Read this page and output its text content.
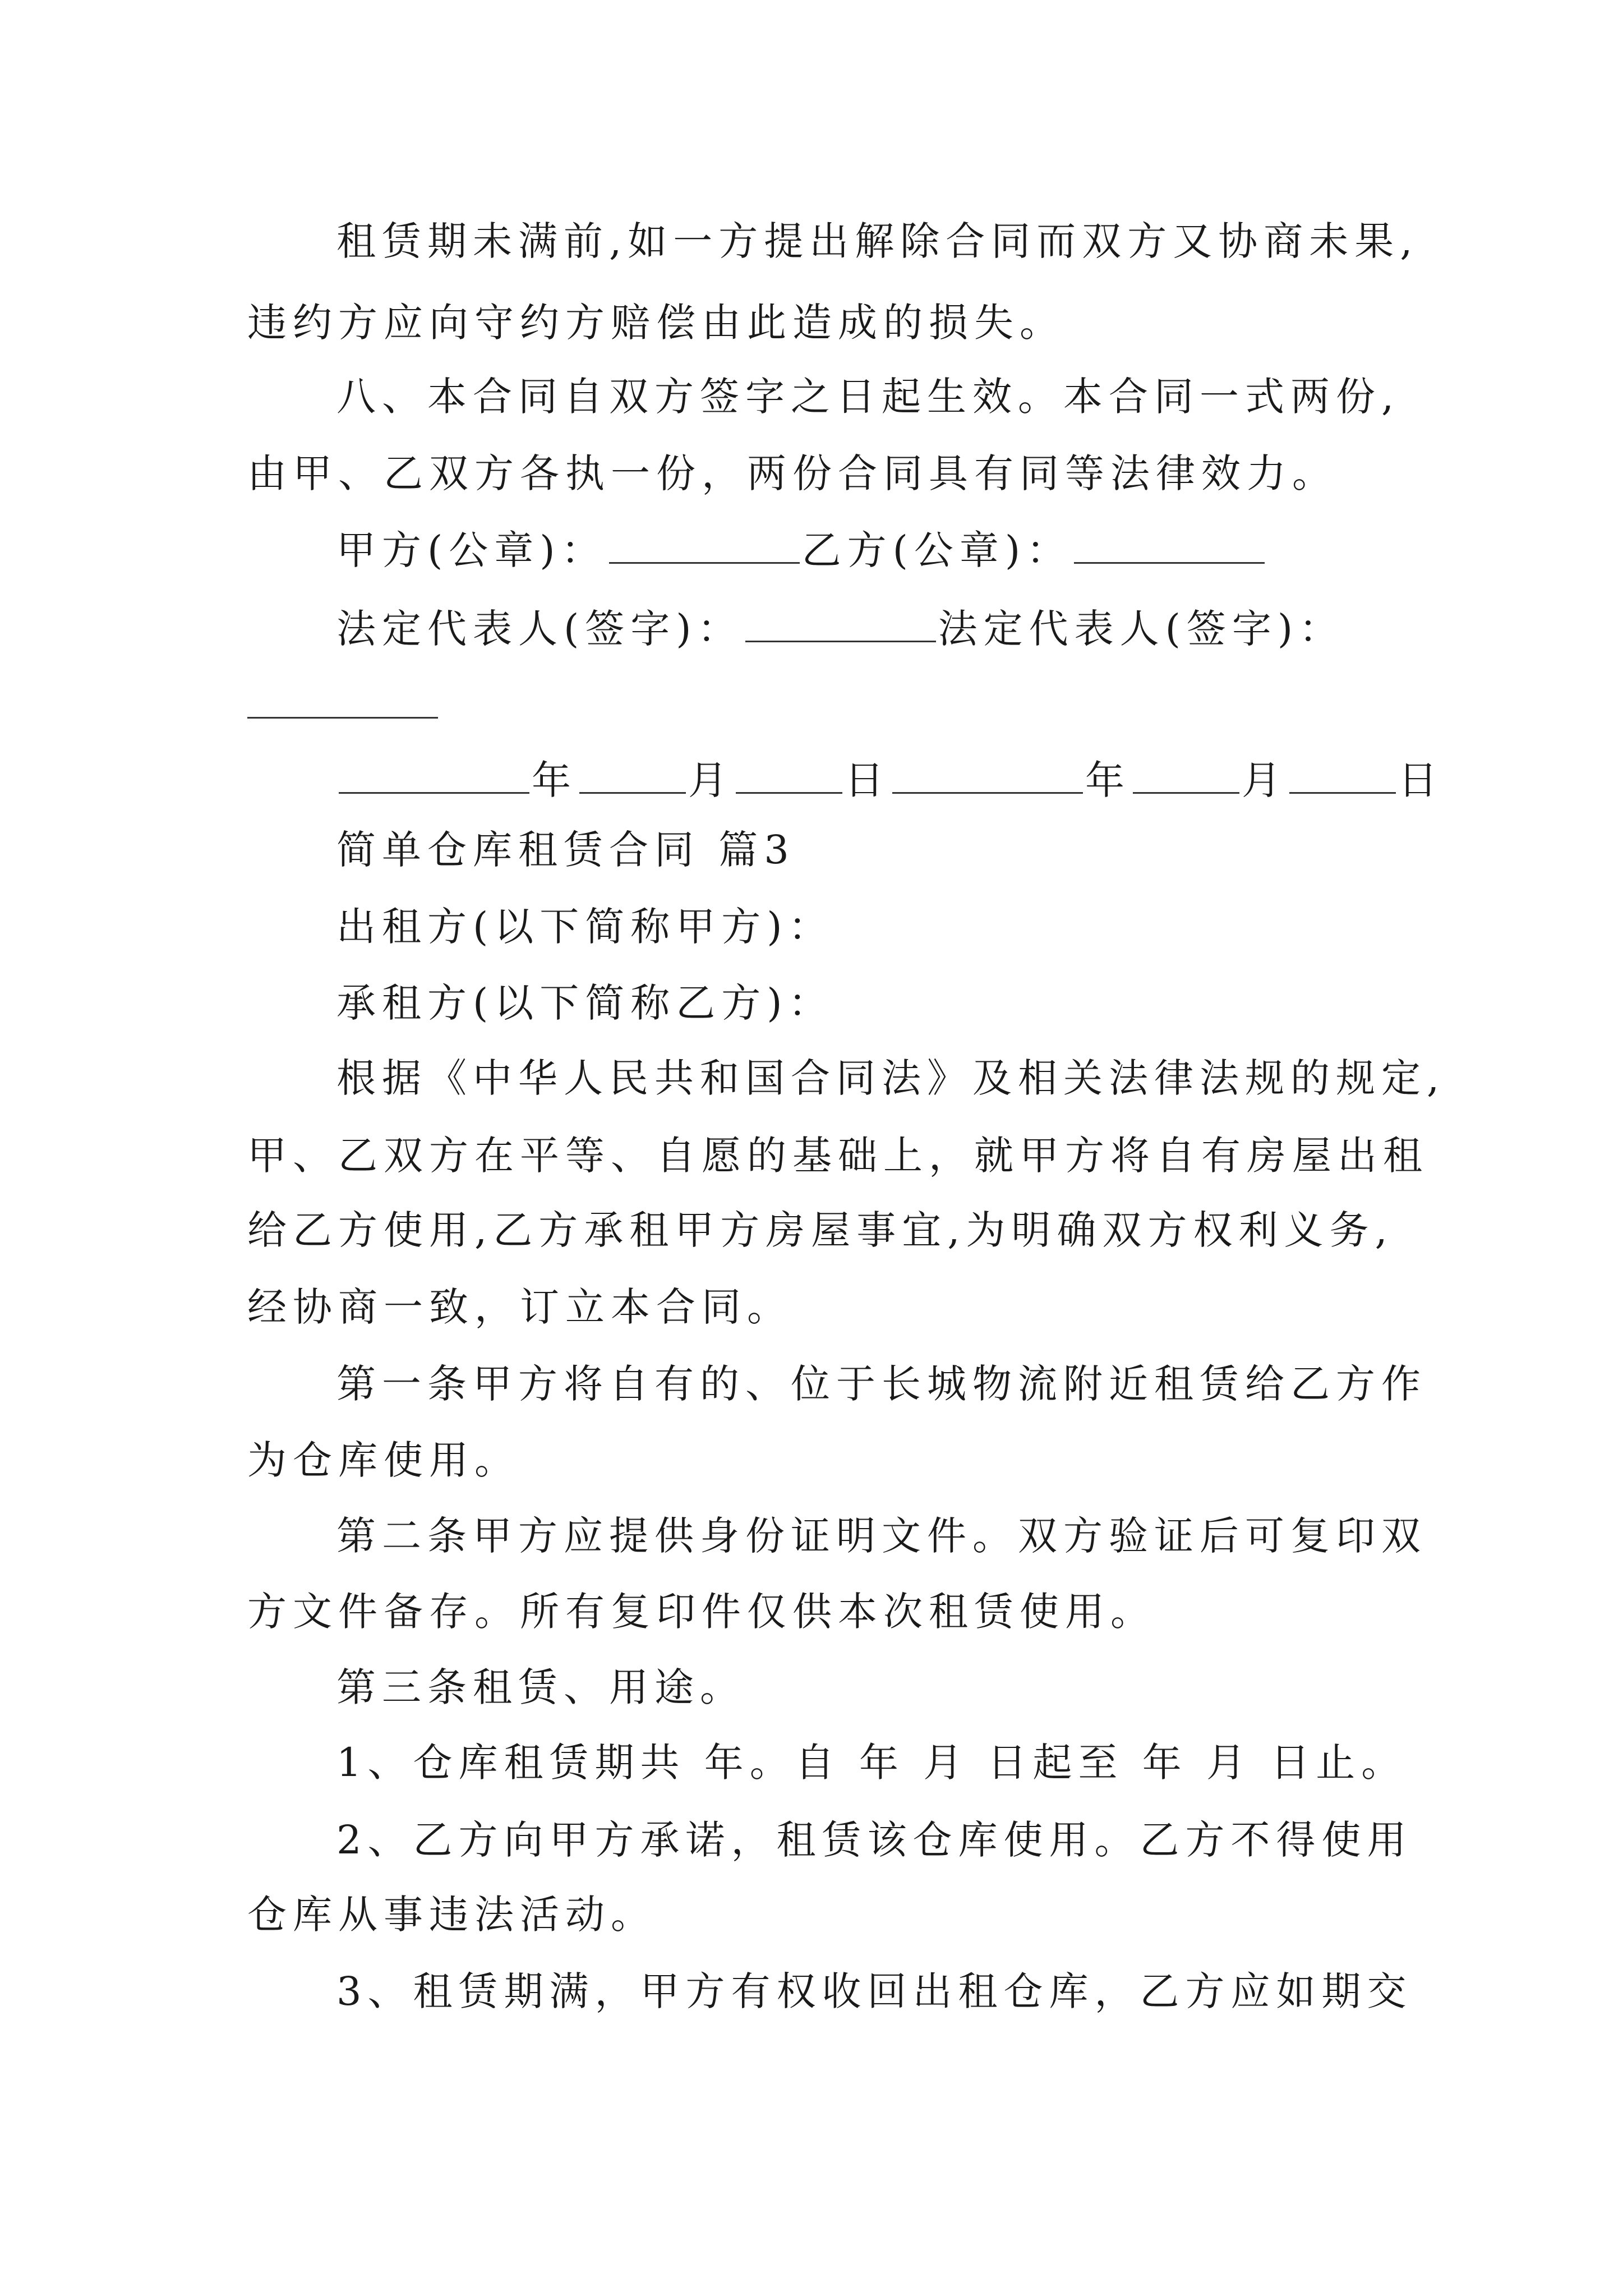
租赁期未满前,如一方提出解除合同而双方又协商未果,
违约方应向守约方赔偿由此造成的损失。
八、本合同自双方签字之日起生效。本合同一式两份,
由甲、乙双方各执一份，两份合同具有同等法律效力。
甲方(公章)：	乙方(公章)：
法定代表人(签字)：	法定代表人(签字)：
年	月	日	年	月	日
简单仓库租赁合同 篇3
出租方(以下简称甲方)：
承租方(以下简称乙方)：
根据《中华人民共和国合同法》及相关法律法规的规定,
甲、乙双方在平等、自愿的基础上，就甲方将自有房屋出租
给乙方使用,乙方承租甲方房屋事宜,为明确双方权利义务,
经协商一致，订立本合同。
第一条甲方将自有的、位于长城物流附近租赁给乙方作
为仓库使用。
第二条甲方应提供身份证明文件。双方验证后可复印双
方文件备存。所有复印件仅供本次租赁使用。
第三条租赁、用途。
1、仓库租赁期共 年。自 年 月 日起至 年 月 日止。
2、乙方向甲方承诺，租赁该仓库使用。乙方不得使用
仓库从事违法活动。
3、租赁期满，甲方有权收回出租仓库，乙方应如期交
